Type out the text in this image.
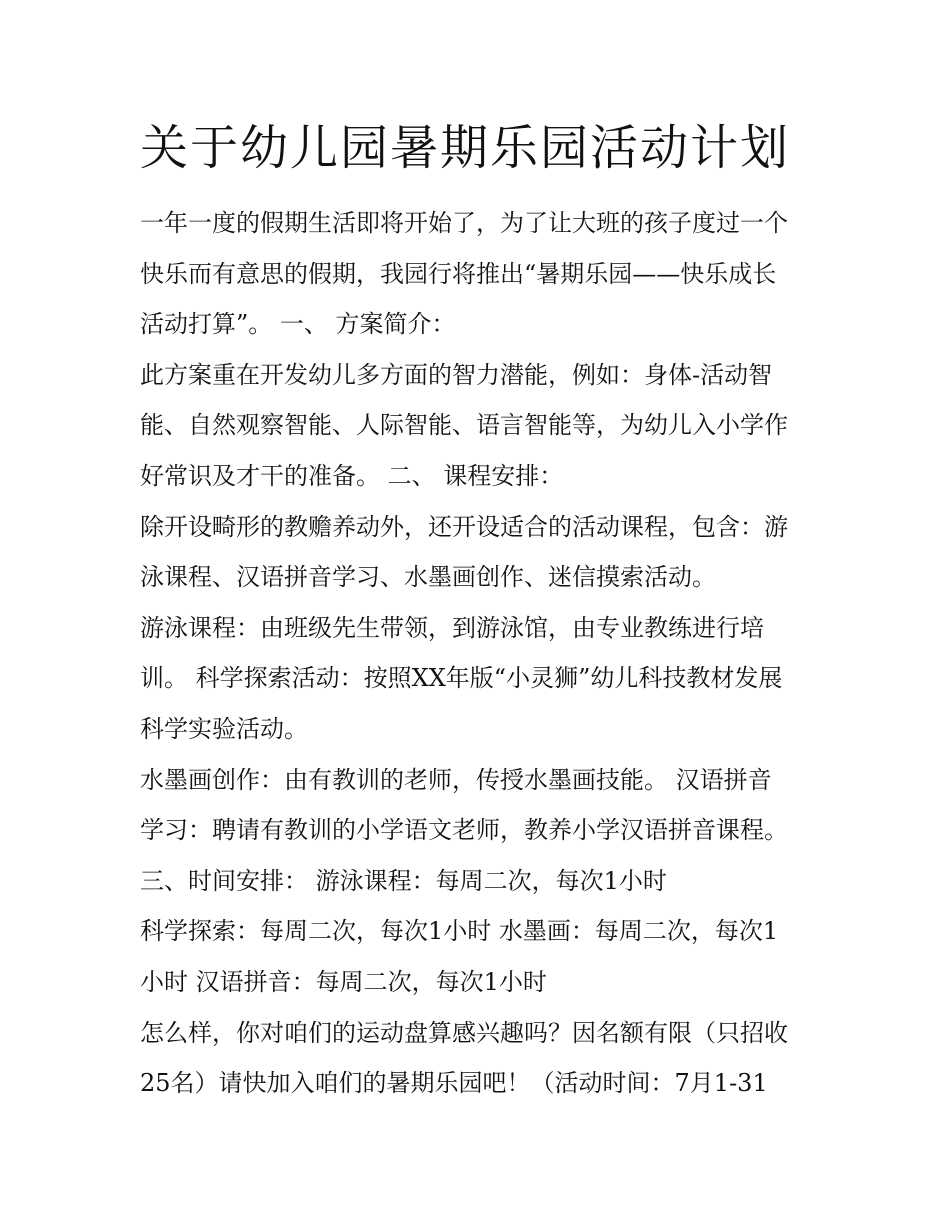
关于幼儿园暑期乐园活动计划
一年一度的假期生活即将开始了，为了让大班的孩子度过一个
快乐而有意思的假期，我园行将推出“暑期乐园——快乐成长
活动打算”。 一、 方案简介：
此方案重在开发幼儿多方面的智力潜能，例如：身体-活动智
能、自然观察智能、人际智能、语言智能等，为幼儿入小学作
好常识及才干的准备。 二、 课程安排：
除开设畸形的教赡养动外，还开设适合的活动课程，包含：游
泳课程、汉语拼音学习、水墨画创作、迷信摸索活动。
游泳课程：由班级先生带领，到游泳馆，由专业教练进行培
训。 科学探索活动：按照XX年版“小灵狮”幼儿科技教材发展
科学实验活动。
水墨画创作：由有教训的老师，传授水墨画技能。 汉语拼音
学习：聘请有教训的小学语文老师，教养小学汉语拼音课程。
三、时间安排： 游泳课程：每周二次，每次1小时
科学探索：每周二次，每次1小时 水墨画：每周二次，每次1
小时 汉语拼音：每周二次，每次1小时
怎么样，你对咱们的运动盘算感兴趣吗？因名额有限（只招收
25名）请快加入咱们的暑期乐园吧！（活动时间：7月1-31
